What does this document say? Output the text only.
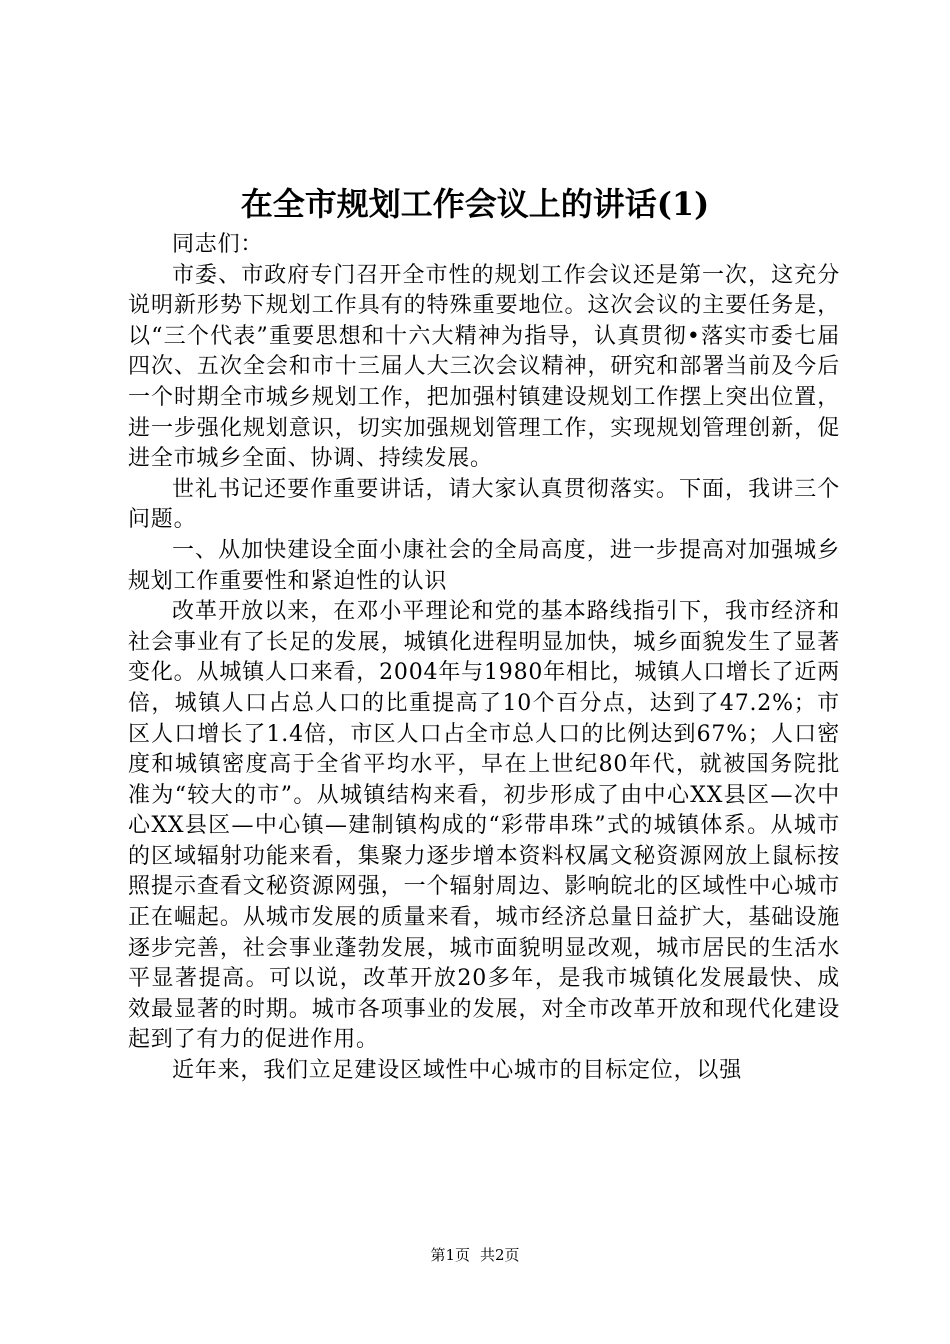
在全市规划工作会议上的讲话(1)

同志们：

市委、市政府专门召开全市性的规划工作会议还是第一次，这充分说明新形势下规划工作具有的特殊重要地位。这次会议的主要任务是，以“三个代表”重要思想和十六大精神为指导，认真贯彻•落实市委七届四次、五次全会和市十三届人大三次会议精神，研究和部署当前及今后一个时期全市城乡规划工作，把加强村镇建设规划工作摆上突出位置，进一步强化规划意识，切实加强规划管理工作，实现规划管理创新，促进全市城乡全面、协调、持续发展。

世礼书记还要作重要讲话，请大家认真贯彻落实。下面，我讲三个问题。

一、从加快建设全面小康社会的全局高度，进一步提高对加强城乡规划工作重要性和紧迫性的认识

改革开放以来，在邓小平理论和党的基本路线指引下，我市经济和社会事业有了长足的发展，城镇化进程明显加快，城乡面貌发生了显著变化。从城镇人口来看，2004年与1980年相比，城镇人口增长了近两倍，城镇人口占总人口的比重提高了10个百分点，达到了47.2%；市区人口增长了1.4倍，市区人口占全市总人口的比例达到67%；人口密度和城镇密度高于全省平均水平，早在上世纪80年代，就被国务院批准为“较大的市”。从城镇结构来看，初步形成了由中心XX县区—次中心XX县区—中心镇—建制镇构成的“彩带串珠”式的城镇体系。从城市的区域辐射功能来看，集聚力逐步增本资料权属文秘资源网放上鼠标按照提示查看文秘资源网强，一个辐射周边、影响皖北的区域性中心城市正在崛起。从城市发展的质量来看，城市经济总量日益扩大，基础设施逐步完善，社会事业蓬勃发展，城市面貌明显改观，城市居民的生活水平显著提高。可以说，改革开放20多年，是我市城镇化发展最快、成效最显著的时期。城市各项事业的发展，对全市改革开放和现代化建设起到了有力的促进作用。

近年来，我们立足建设区域性中心城市的目标定位，以强

第1页 共2页
